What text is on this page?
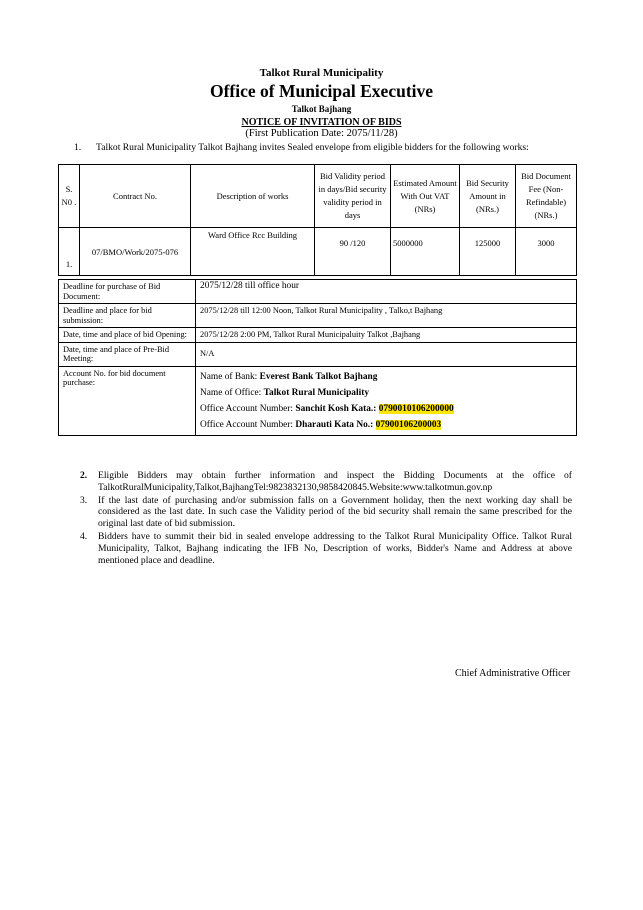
Talkot Rural Municipality
Office of Municipal Executive
Talkot Bajhang
NOTICE OF INVITATION OF BIDS
(First Publication Date: 2075/11/28)
1. Talkot Rural Municipality Talkot Bajhang invites Sealed envelope from eligible bidders for the following works:
S. N0 .	Contract No.	Description of works	Bid Validity period in days/Bid security validity period in days	Estimated Amount With Out VAT (NRs)	Bid Security Amount in (NRs.)	Bid Document Fee (Non-Refindable) (NRs.)
1.	07/BMO/Work/2075-076	Ward Office Rcc Building	90 /120	5000000	125000	3000
Deadline for purchase of Bid Document:	2075/12/28 till office hour
Deadline and place for bid submission:	2075/12/28 till 12:00 Noon, Talkot Rural Municipality , Talko,t Bajhang
Date, time and place of bid Opening:	2075/12/28 2:00 PM, Talkot Rural Municipaluity Talkot ,Bajhang
Date, time and place of Pre-Bid Meeting:	N/A
Account No. for bid document purchase:	Name of Bank: Everest Bank Talkot Bajhang
Name of Office: Talkot Rural Municipality
Office Account Number: Sanchit Kosh Kata.: 0790010106200000
Office Account Number: Dharauti Kata No.: 07900106200003
2. Eligible Bidders may obtain further information and inspect the Bidding Documents at the office of TalkotRuralMunicipality,Talkot,BajhangTel:9823832130,9858420845.Website:www.talkotmun.gov.np
3. If the last date of purchasing and/or submission falls on a Government holiday, then the next working day shall be considered as the last date. In such case the Validity period of the bid security shall remain the same prescribed for the original last date of bid submission.
4. Bidders have to summit their bid in sealed envelope addressing to the Talkot Rural Municipality Office. Talkot Rural Municipality, Talkot, Bajhang indicating the IFB No, Description of works, Bidder's Name and Address at above mentioned place and deadline.
Chief Administrative Officer
